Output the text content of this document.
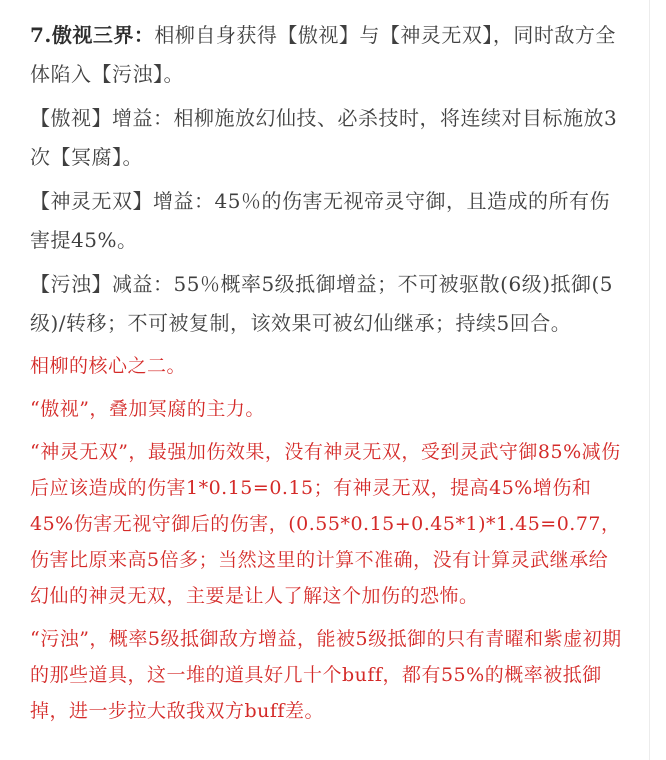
7.傲视三界：相柳自身获得【傲视】与【神灵无双】，同时敌方全体陷入【污浊】。

【傲视】增益：相柳施放幻仙技、必杀技时，将连续对目标施放3次【冥腐】。

【神灵无双】增益：45％的伤害无视帝灵守御，且造成的所有伤害提45%。

【污浊】减益：55％概率5级抵御增益；不可被驱散(6级)抵御(5级)/转移；不可被复制，该效果可被幻仙继承；持续5回合。

相柳的核心之二。

“傲视”，叠加冥腐的主力。

“神灵无双”，最强加伤效果，没有神灵无双，受到灵武守御85%减伤后应该造成的伤害1*0.15=0.15；有神灵无双，提高45%增伤和45%伤害无视守御后的伤害，(0.55*0.15+0.45*1)*1.45=0.77，伤害比原来高5倍多；当然这里的计算不准确，没有计算灵武继承给幻仙的神灵无双，主要是让人了解这个加伤的恐怖。

“污浊”，概率5级抵御敌方增益，能被5级抵御的只有青曜和紫虚初期的那些道具，这一堆的道具好几十个buff，都有55%的概率被抵御掉，进一步拉大敌我双方buff差。
